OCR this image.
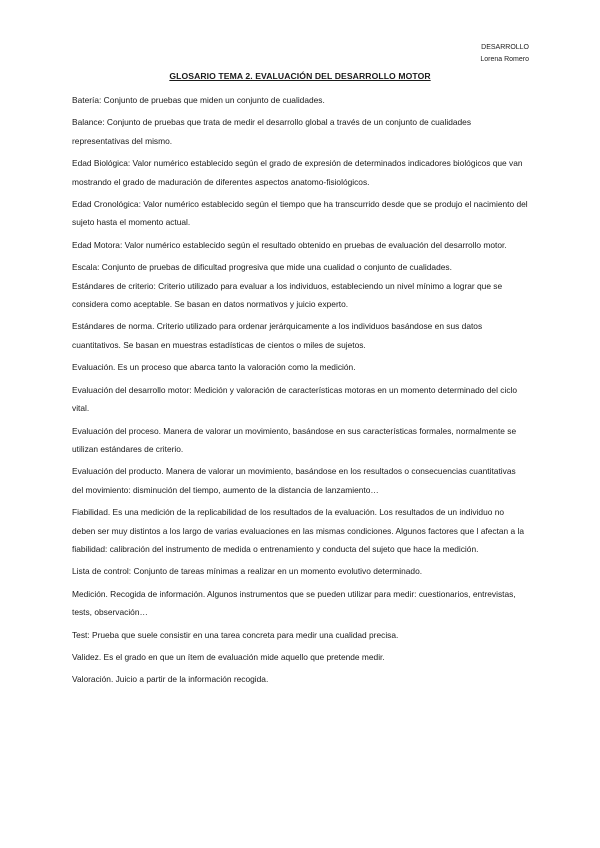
DESARROLLO
Lorena Romero
GLOSARIO TEMA 2. EVALUACIÓN DEL DESARROLLO MOTOR

Batería: Conjunto de pruebas que miden un conjunto de cualidades.

Balance: Conjunto de pruebas que trata de medir el desarrollo global a través de un conjunto de cualidades representativas del mismo.

Edad Biológica: Valor numérico establecido según el grado de expresión de determinados indicadores biológicos que van mostrando el grado de maduración de diferentes aspectos anatomo-fisiológicos.

Edad Cronológica: Valor numérico establecido según el tiempo que ha transcurrido desde que se produjo el nacimiento del sujeto hasta el momento actual.

Edad Motora: Valor numérico establecido según el resultado obtenido en pruebas de evaluación del desarrollo motor.

Escala: Conjunto de pruebas de dificultad progresiva que mide una cualidad o conjunto de cualidades.

Estándares de criterio: Criterio utilizado para evaluar a los individuos, estableciendo un nivel mínimo a lograr que se considera como aceptable. Se basan en datos normativos y juicio experto.

Estándares de norma. Criterio utilizado para ordenar jerárquicamente a los individuos basándose en sus datos cuantitativos. Se basan en muestras estadísticas de cientos o miles de sujetos.

Evaluación. Es un proceso que abarca tanto la valoración como la medición.

Evaluación del desarrollo motor: Medición y valoración de características motoras en un momento determinado del ciclo vital.

Evaluación del proceso. Manera de valorar un movimiento, basándose en sus características formales, normalmente se utilizan estándares de criterio.

Evaluación del producto. Manera de valorar un movimiento, basándose en los resultados o consecuencias cuantitativas del movimiento: disminución del tiempo, aumento de la distancia de lanzamiento…

Fiabilidad. Es una medición de la replicabilidad de los resultados de la evaluación. Los resultados de un individuo no deben ser muy distintos a los largo de varias evaluaciones en las mismas condiciones. Algunos factores que l afectan a la fiabilidad: calibración del instrumento de medida o entrenamiento y conducta del sujeto que hace la medición.

Lista de control: Conjunto de tareas mínimas a realizar en un momento evolutivo determinado.

Medición. Recogida de información. Algunos instrumentos que se pueden utilizar para medir: cuestionarios, entrevistas, tests, observación…

Test: Prueba que suele consistir en una tarea concreta para medir una cualidad precisa.

Validez. Es el grado en que un ítem de evaluación mide aquello que pretende medir.

Valoración. Juicio a partir de la información recogida.
